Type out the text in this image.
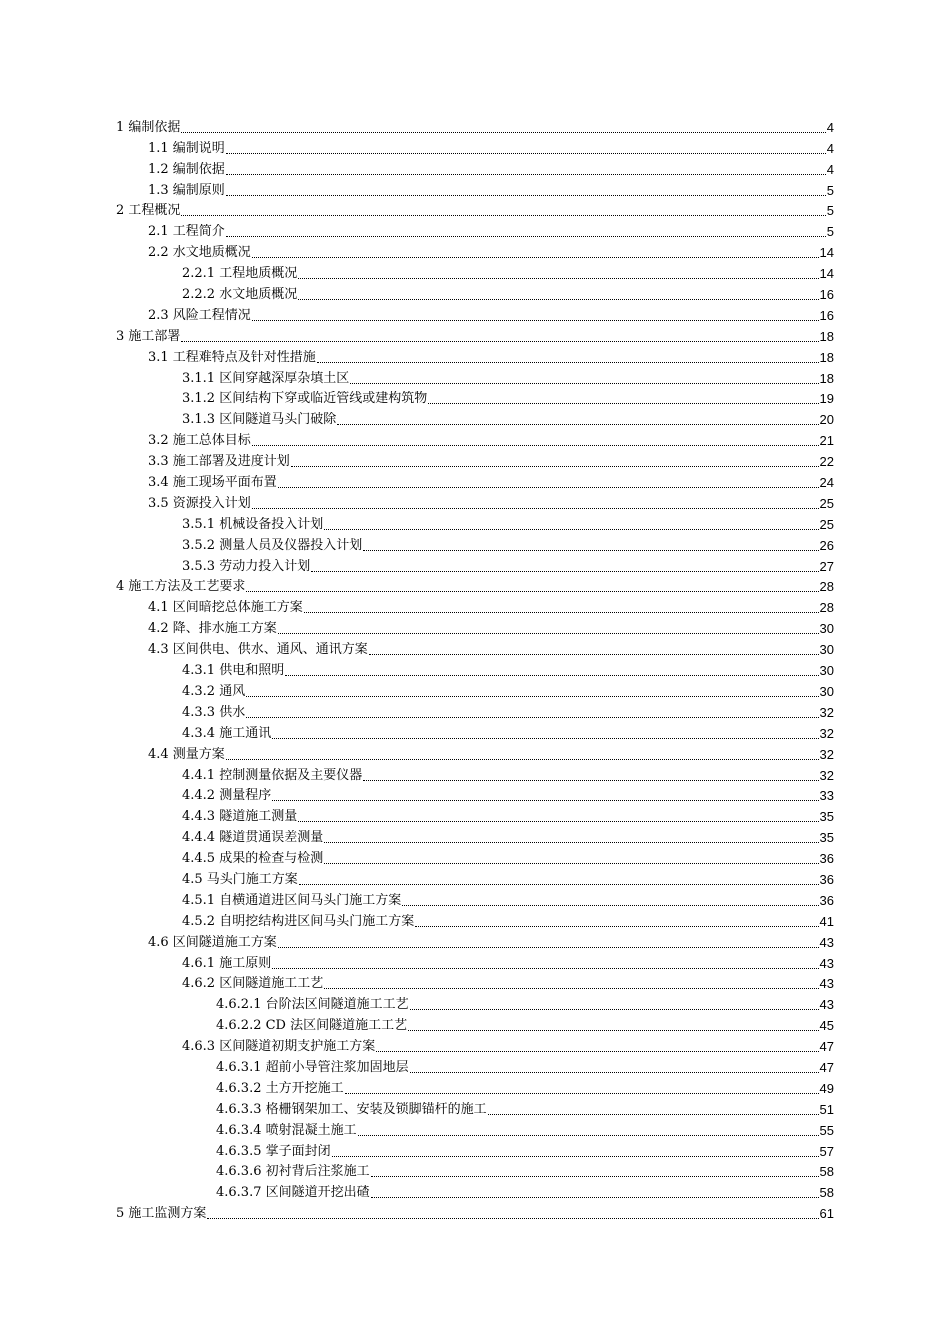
1 编制依据	4
1.1 编制说明	4
1.2 编制依据	4
1.3 编制原则	5
2 工程概况	5
2.1 工程简介	5
2.2 水文地质概况	14
2.2.1 工程地质概况	14
2.2.2 水文地质概况	16
2.3 风险工程情况	16
3 施工部署	18
3.1 工程难特点及针对性措施	18
3.1.1 区间穿越深厚杂填土区	18
3.1.2 区间结构下穿或临近管线或建构筑物	19
3.1.3 区间隧道马头门破除	20
3.2 施工总体目标	21
3.3 施工部署及进度计划	22
3.4 施工现场平面布置	24
3.5 资源投入计划	25
3.5.1 机械设备投入计划	25
3.5.2 测量人员及仪器投入计划	26
3.5.3 劳动力投入计划	27
4 施工方法及工艺要求	28
4.1 区间暗挖总体施工方案	28
4.2 降、排水施工方案	30
4.3 区间供电、供水、通风、通讯方案	30
4.3.1 供电和照明	30
4.3.2 通风	30
4.3.3 供水	32
4.3.4 施工通讯	32
4.4 测量方案	32
4.4.1 控制测量依据及主要仪器	32
4.4.2 测量程序	33
4.4.3 隧道施工测量	35
4.4.4 隧道贯通误差测量	35
4.4.5 成果的检查与检测	36
4.5 马头门施工方案	36
4.5.1 自横通道进区间马头门施工方案	36
4.5.2 自明挖结构进区间马头门施工方案	41
4.6 区间隧道施工方案	43
4.6.1 施工原则	43
4.6.2 区间隧道施工工艺	43
4.6.2.1 台阶法区间隧道施工工艺	43
4.6.2.2 CD 法区间隧道施工工艺	45
4.6.3 区间隧道初期支护施工方案	47
4.6.3.1 超前小导管注浆加固地层	47
4.6.3.2 土方开挖施工	49
4.6.3.3 格栅钢架加工、安装及锁脚锚杆的施工	51
4.6.3.4 喷射混凝土施工	55
4.6.3.5 掌子面封闭	57
4.6.3.6 初衬背后注浆施工	58
4.6.3.7 区间隧道开挖出碴	58
5 施工监测方案	61
